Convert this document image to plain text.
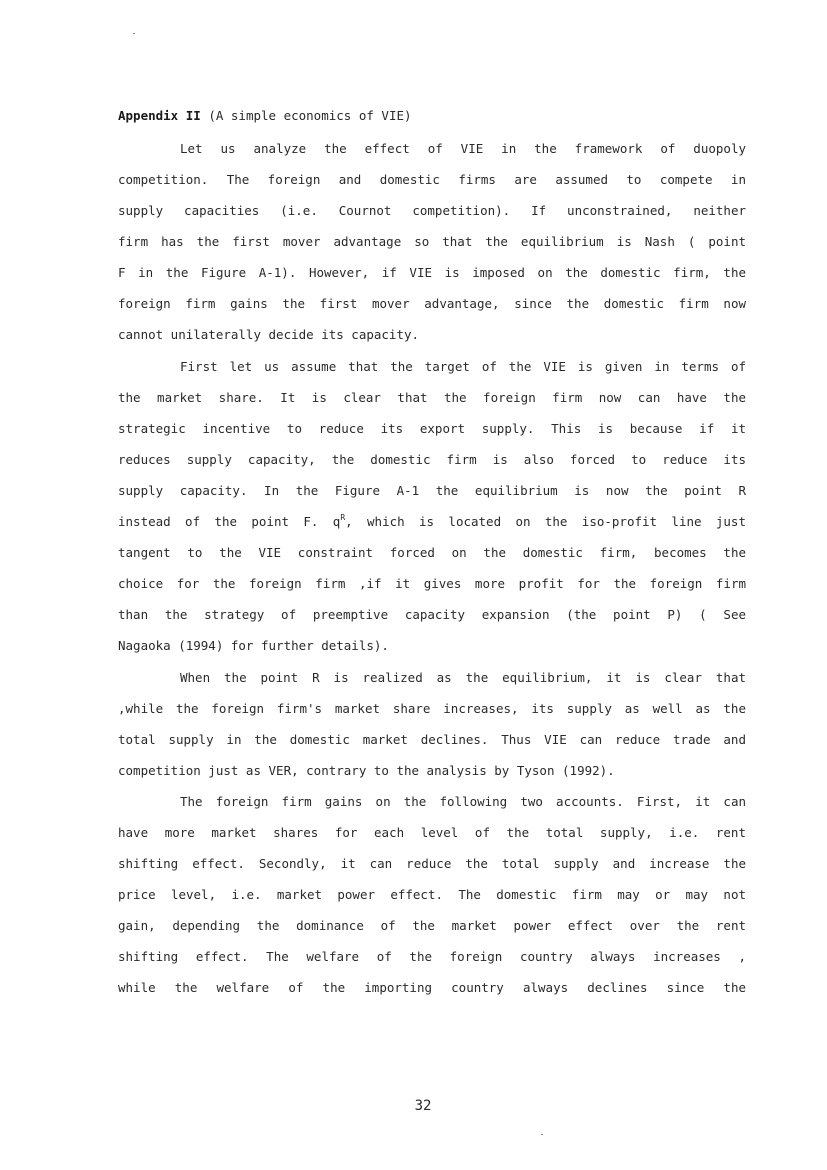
Appendix II (A simple economics of VIE)
Let us analyze the effect of VIE in the framework of duopoly
competition. The foreign and domestic firms are assumed to compete in
supply capacities (i.e. Cournot competition). If unconstrained, neither
firm has the first mover advantage so that the equilibrium is Nash ( point
F in the Figure A-1). However, if VIE is imposed on the domestic firm, the
foreign firm gains the first mover advantage, since the domestic firm now
cannot unilaterally decide its capacity.
First let us assume that the target of the VIE is given in terms of
the market share. It is clear that the foreign firm now can have the
strategic incentive to reduce its export supply. This is because if it
reduces supply capacity, the domestic firm is also forced to reduce its
supply capacity. In the Figure A-1 the equilibrium is now the point R
instead of the point F. $q^R$, which is located on the iso-profit line just
tangent to the VIE constraint forced on the domestic firm, becomes the
choice for the foreign firm ,if it gives more profit for the foreign firm
than the strategy of preemptive capacity expansion (the point P) ( See
Nagaoka (1994) for further details).
When the point R is realized as the equilibrium, it is clear that
,while the foreign firm's market share increases, its supply as well as the
total supply in the domestic market declines. Thus VIE can reduce trade and
competition just as VER, contrary to the analysis by Tyson (1992).
The foreign firm gains on the following two accounts. First, it can
have more market shares for each level of the total supply, i.e. rent
shifting effect. Secondly, it can reduce the total supply and increase the
price level, i.e. market power effect. The domestic firm may or may not
gain, depending the dominance of the market power effect over the rent
shifting effect. The welfare of the foreign country always increases ,
while the welfare of the importing country always declines since the
32
